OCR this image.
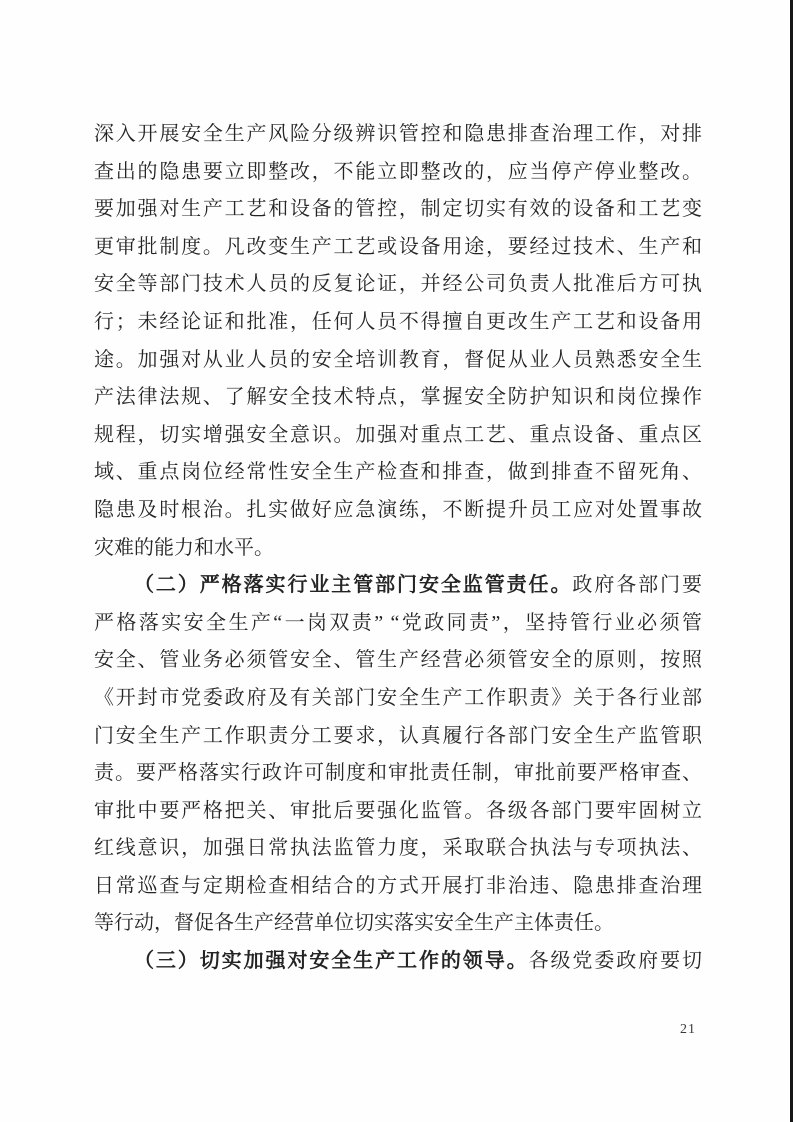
深入开展安全生产风险分级辨识管控和隐患排查治理工作，对排
查出的隐患要立即整改，不能立即整改的，应当停产停业整改。
要加强对生产工艺和设备的管控，制定切实有效的设备和工艺变
更审批制度。凡改变生产工艺或设备用途，要经过技术、生产和
安全等部门技术人员的反复论证，并经公司负责人批准后方可执
行；未经论证和批准，任何人员不得擅自更改生产工艺和设备用
途。加强对从业人员的安全培训教育，督促从业人员熟悉安全生
产法律法规、了解安全技术特点，掌握安全防护知识和岗位操作
规程，切实增强安全意识。加强对重点工艺、重点设备、重点区
域、重点岗位经常性安全生产检查和排查，做到排查不留死角、
隐患及时根治。扎实做好应急演练，不断提升员工应对处置事故
灾难的能力和水平。
（二）严格落实行业主管部门安全监管责任。政府各部门要
严格落实安全生产“一岗双责” “党政同责”，坚持管行业必须管
安全、管业务必须管安全、管生产经营必须管安全的原则，按照
《开封市党委政府及有关部门安全生产工作职责》关于各行业部
门安全生产工作职责分工要求，认真履行各部门安全生产监管职
责。要严格落实行政许可制度和审批责任制，审批前要严格审查、
审批中要严格把关、审批后要强化监管。各级各部门要牢固树立
红线意识，加强日常执法监管力度，采取联合执法与专项执法、
日常巡查与定期检查相结合的方式开展打非治违、隐患排查治理
等行动，督促各生产经营单位切实落实安全生产主体责任。
（三）切实加强对安全生产工作的领导。各级党委政府要切
21
